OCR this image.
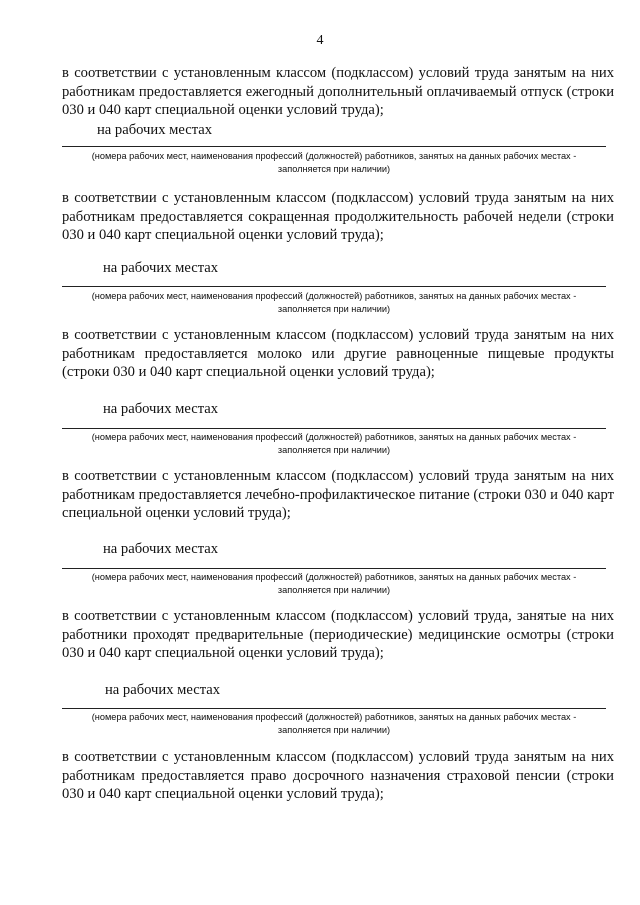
4
в соответствии с установленным классом (подклассом) условий труда занятым на них работникам предоставляется ежегодный дополнительный оплачиваемый отпуск (строки 030 и 040 карт специальной оценки условий труда);
на рабочих местах
(номера рабочих мест, наименования профессий (должностей) работников, занятых на данных рабочих местах -
заполняется при наличии)
в соответствии с установленным классом (подклассом) условий труда занятым на них работникам предоставляется сокращенная продолжительность рабочей недели (строки 030 и 040 карт специальной оценки условий труда);
на рабочих местах
(номера рабочих мест, наименования профессий (должностей) работников, занятых на данных рабочих местах -
заполняется при наличии)
в соответствии с установленным классом (подклассом) условий труда занятым на них работникам предоставляется молоко или другие равноценные пищевые продукты (строки 030 и 040 карт специальной оценки условий труда);
на рабочих местах
(номера рабочих мест, наименования профессий (должностей) работников, занятых на данных рабочих местах -
заполняется при наличии)
в соответствии с установленным классом (подклассом) условий труда занятым на них работникам предоставляется лечебно-профилактическое питание (строки 030 и 040 карт специальной оценки условий труда);
на рабочих местах
(номера рабочих мест, наименования профессий (должностей) работников, занятых на данных рабочих местах -
заполняется при наличии)
в соответствии с установленным классом (подклассом) условий труда, занятые на них работники проходят предварительные (периодические) медицинские осмотры (строки 030 и 040 карт специальной оценки условий труда);
на рабочих местах
(номера рабочих мест, наименования профессий (должностей) работников, занятых на данных рабочих местах -
заполняется при наличии)
в соответствии с установленным классом (подклассом) условий труда занятым на них работникам предоставляется право досрочного назначения страховой пенсии (строки 030 и 040 карт специальной оценки условий труда);
